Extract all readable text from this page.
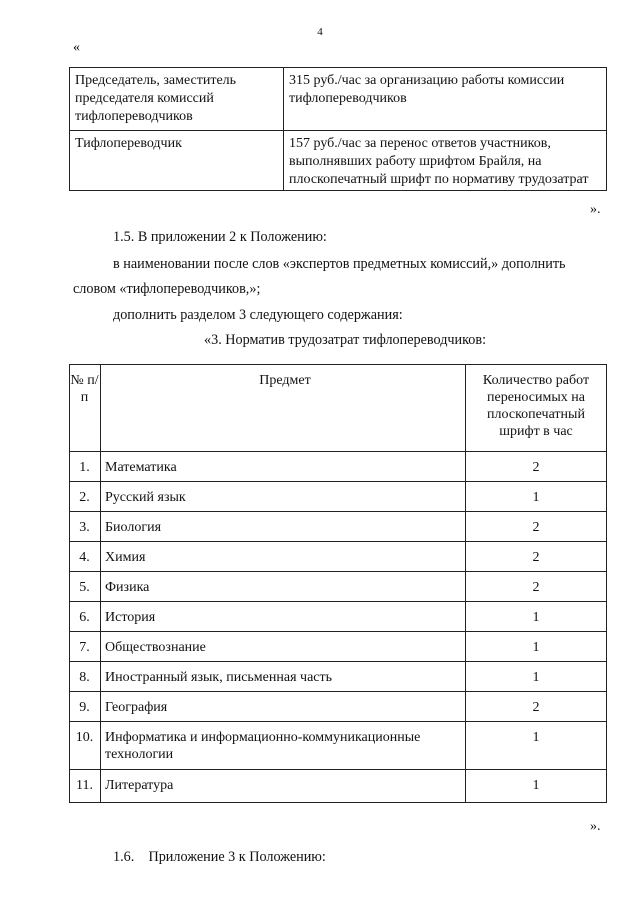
4
«
Председатель, заместитель председателя комиссий тифлопереводчиков	315 руб./час за организацию работы комиссии тифлопереводчиков
Тифлопереводчик	157 руб./час за перенос ответов участников, выполнявших работу шрифтом Брайля, на плоскопечатный шрифт по нормативу трудозатрат
».
1.5. В приложении 2 к Положению:
в наименовании после слов «экспертов предметных комиссий,» дополнить
словом «тифлопереводчиков,»;
дополнить разделом 3 следующего содержания:
«3. Норматив трудозатрат тифлопереводчиков:
№ п/п	Предмет	Количество работ переносимых на плоскопечатный шрифт в час
1.	Математика	2
2.	Русский язык	1
3.	Биология	2
4.	Химия	2
5.	Физика	2
6.	История	1
7.	Обществознание	1
8.	Иностранный язык, письменная часть	1
9.	География	2
10.	Информатика и информационно-коммуникационные технологии	1
11.	Литература	1
».
1.6.    Приложение 3 к Положению:
